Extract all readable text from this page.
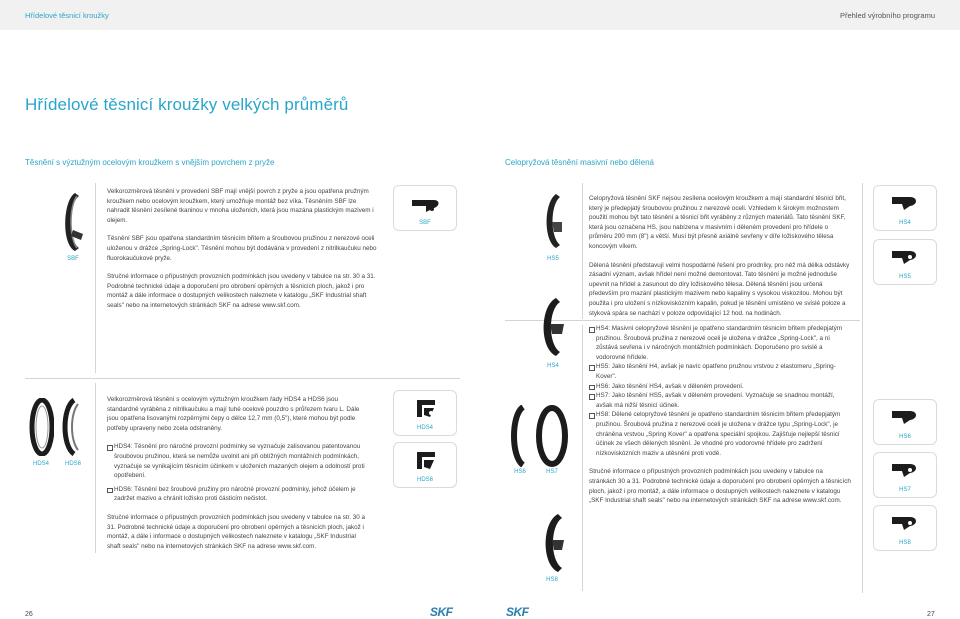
Hřídelové těsnicí kroužky	Přehled výrobního programu
Hřídelové těsnicí kroužky velkých průměrů
Těsnění s výztužným ocelovým kroužkem s vnějším povrchem z pryže	Celopryžová těsnění masivní nebo dělená
SBF

Velkorozměrová těsnění v provedení SBF mají vnější povrch z pryže a jsou opatřena pružným kroužkem nebo ocelovým kroužkem, který umožňuje montáž bez víka. Těsněním SBF lze nahradit těsnění zesílené tkaninou v mnoha uloženích, která jsou mazána plastickým mazivem i olejem.

Těsnění SBF jsou opatřena standardním těsnicím břitem a šroubovou pružinou z nerezové oceli uloženou v drážce „Spring-Lock". Těsnění mohou být dodávána v provedení z nitrilkaučuku nebo fluorokaučukové pryže.

Stručné informace o přípustných provozních podmínkách jsou uvedeny v tabulce na str. 30 a 31. Podrobné technické údaje a doporučení pro obrobení opěrných a těsnicích ploch, jakož i pro montáž a dále informace o dostupných velikostech naleznete v katalogu „SKF Industrial shaft seals" nebo na internetových stránkách SKF na adrese www.skf.com.

SBF
HDS4	HDS6

Velkorozměrová těsnění s ocelovým výztužným kroužkem řady HDS4 a HDS6 jsou standardně vyráběna z nitrilkaučuku a mají tuhé ocelové pouzdro s průřezem tvaru L. Dále jsou opatřena lisovanými rozpěrnými čepy o délce 12,7 mm (0,5"), které mohou být podle potřeby upraveny nebo zcela odstraněny.

HDS4: Těsnění pro náročné provozní podmínky se vyznačuje zalisovanou patentovanou šroubovou pružinou, která se nemůže uvolnit ani při obtížných montážních podmínkách, vyznačuje se vynikajícím těsnicím účinkem v uloženích mazaných olejem a odolností proti opotřebení.
HDS6: Těsnění bez šroubové pružiny pro náročné provozní podmínky, jehož účelem je zadržet mazivo a chránit ložisko proti částicím nečistot.

Stručné informace o přípustných provozních podmínkách jsou uvedeny v tabulce na str. 30 a 31. Podrobné technické údaje a doporučení pro obrobení opěrných a těsnicích ploch, jakož i montáž, a dále i informace o dostupných velikostech naleznete v katalogu „SKF Industrial shaft seals" nebo na internetových stránkách SKF na adrese www.skf.com.

HDS4
HDS6
26	SKF
HS5
HS4
HS6	HS7
HS8

Celopryžová těsnění SKF nejsou zesílena ocelovým kroužkem a mají standardní těsnicí břit, který je předepjatý šroubovou pružinou z nerezové oceli. Vzhledem k širokým možnostem použití mohou být tato těsnění a těsnicí břit vyráběny z různých materiálů. Tato těsnění SKF, která jsou označena HS, jsou nabízena v masivním i děleném provedení pro hřídele o průměru 200 mm (8") a větší. Musí být přesně axiálně sevřeny v díře ložiskového tělesa koncovým víkem.

Dělená těsnění představují velmi hospodárné řešení pro prodníky, pro něž má délka odstávky zásadní význam, avšak hřídel není možné demontovat. Tato těsnění je možné jednoduše upevnit na hřídel a zasunout do díry ložiskového tělesa. Dělená těsnění jsou určená především pro mazání plastickým mazivem nebo kapaliny s vysokou viskozitou. Mohou být použita i pro uložení s nízkoviskózním kapalin, pokud je těsnění umístěno ve svislé poloze a styková spára se nachází v poloze odpovídající 12 hod. na hodinách.

HS4: Masivní celopryžové těsnění je opatřeno standardním těsnicím břitem předepjatým pružinou. Šroubová pružina z nerezové oceli je uložena v drážce „Spring-Lock", a ní zůstává sevřena i v náročných montážních podmínkách. Doporučeno pro svislé a vodorovné hřídele.
HS5: Jako těsnění H4, avšak je navíc opatřeno pružnou vrstvou z elastomeru „Spring-Kover".
HS6: Jako těsnění HS4, avšak v děleném provedení.
HS7: Jako těsnění HS5, avšak v děleném provedení. Vyznačuje se snadnou montáží, avšak má nižší těsnicí účinek.
HS8: Dělené celopryžové těsnění je opatřeno standardním těsnicím břitem předepjatým pružinou. Šroubová pružina z nerezové oceli je uložena v drážce typu „Spring-Lock", je chráněna vrstvou „Spring Kover" a opatřena speciální spojkou. Zajišťuje nejlepší těsnicí účinek ze všech dělených těsnění. Je vhodné pro vodorovné hřídele pro zadržení nízkoviskózních maziv a utěsnění proti vodě.

Stručné informace o přípustných provozních podmínkách jsou uvedeny v tabulce na stránkách 30 a 31. Podrobné technické údaje a doporučení pro obrobení opěrných a těsnicích ploch, jakož i pro montáž, a dále informace o dostupných velikostech naleznete v katalogu „SKF Industrial shaft seals" nebo na internetových stránkách SKF na adrese www.skf.com.

HS4
HS5
HS6
HS7
HS8
SKF	27
